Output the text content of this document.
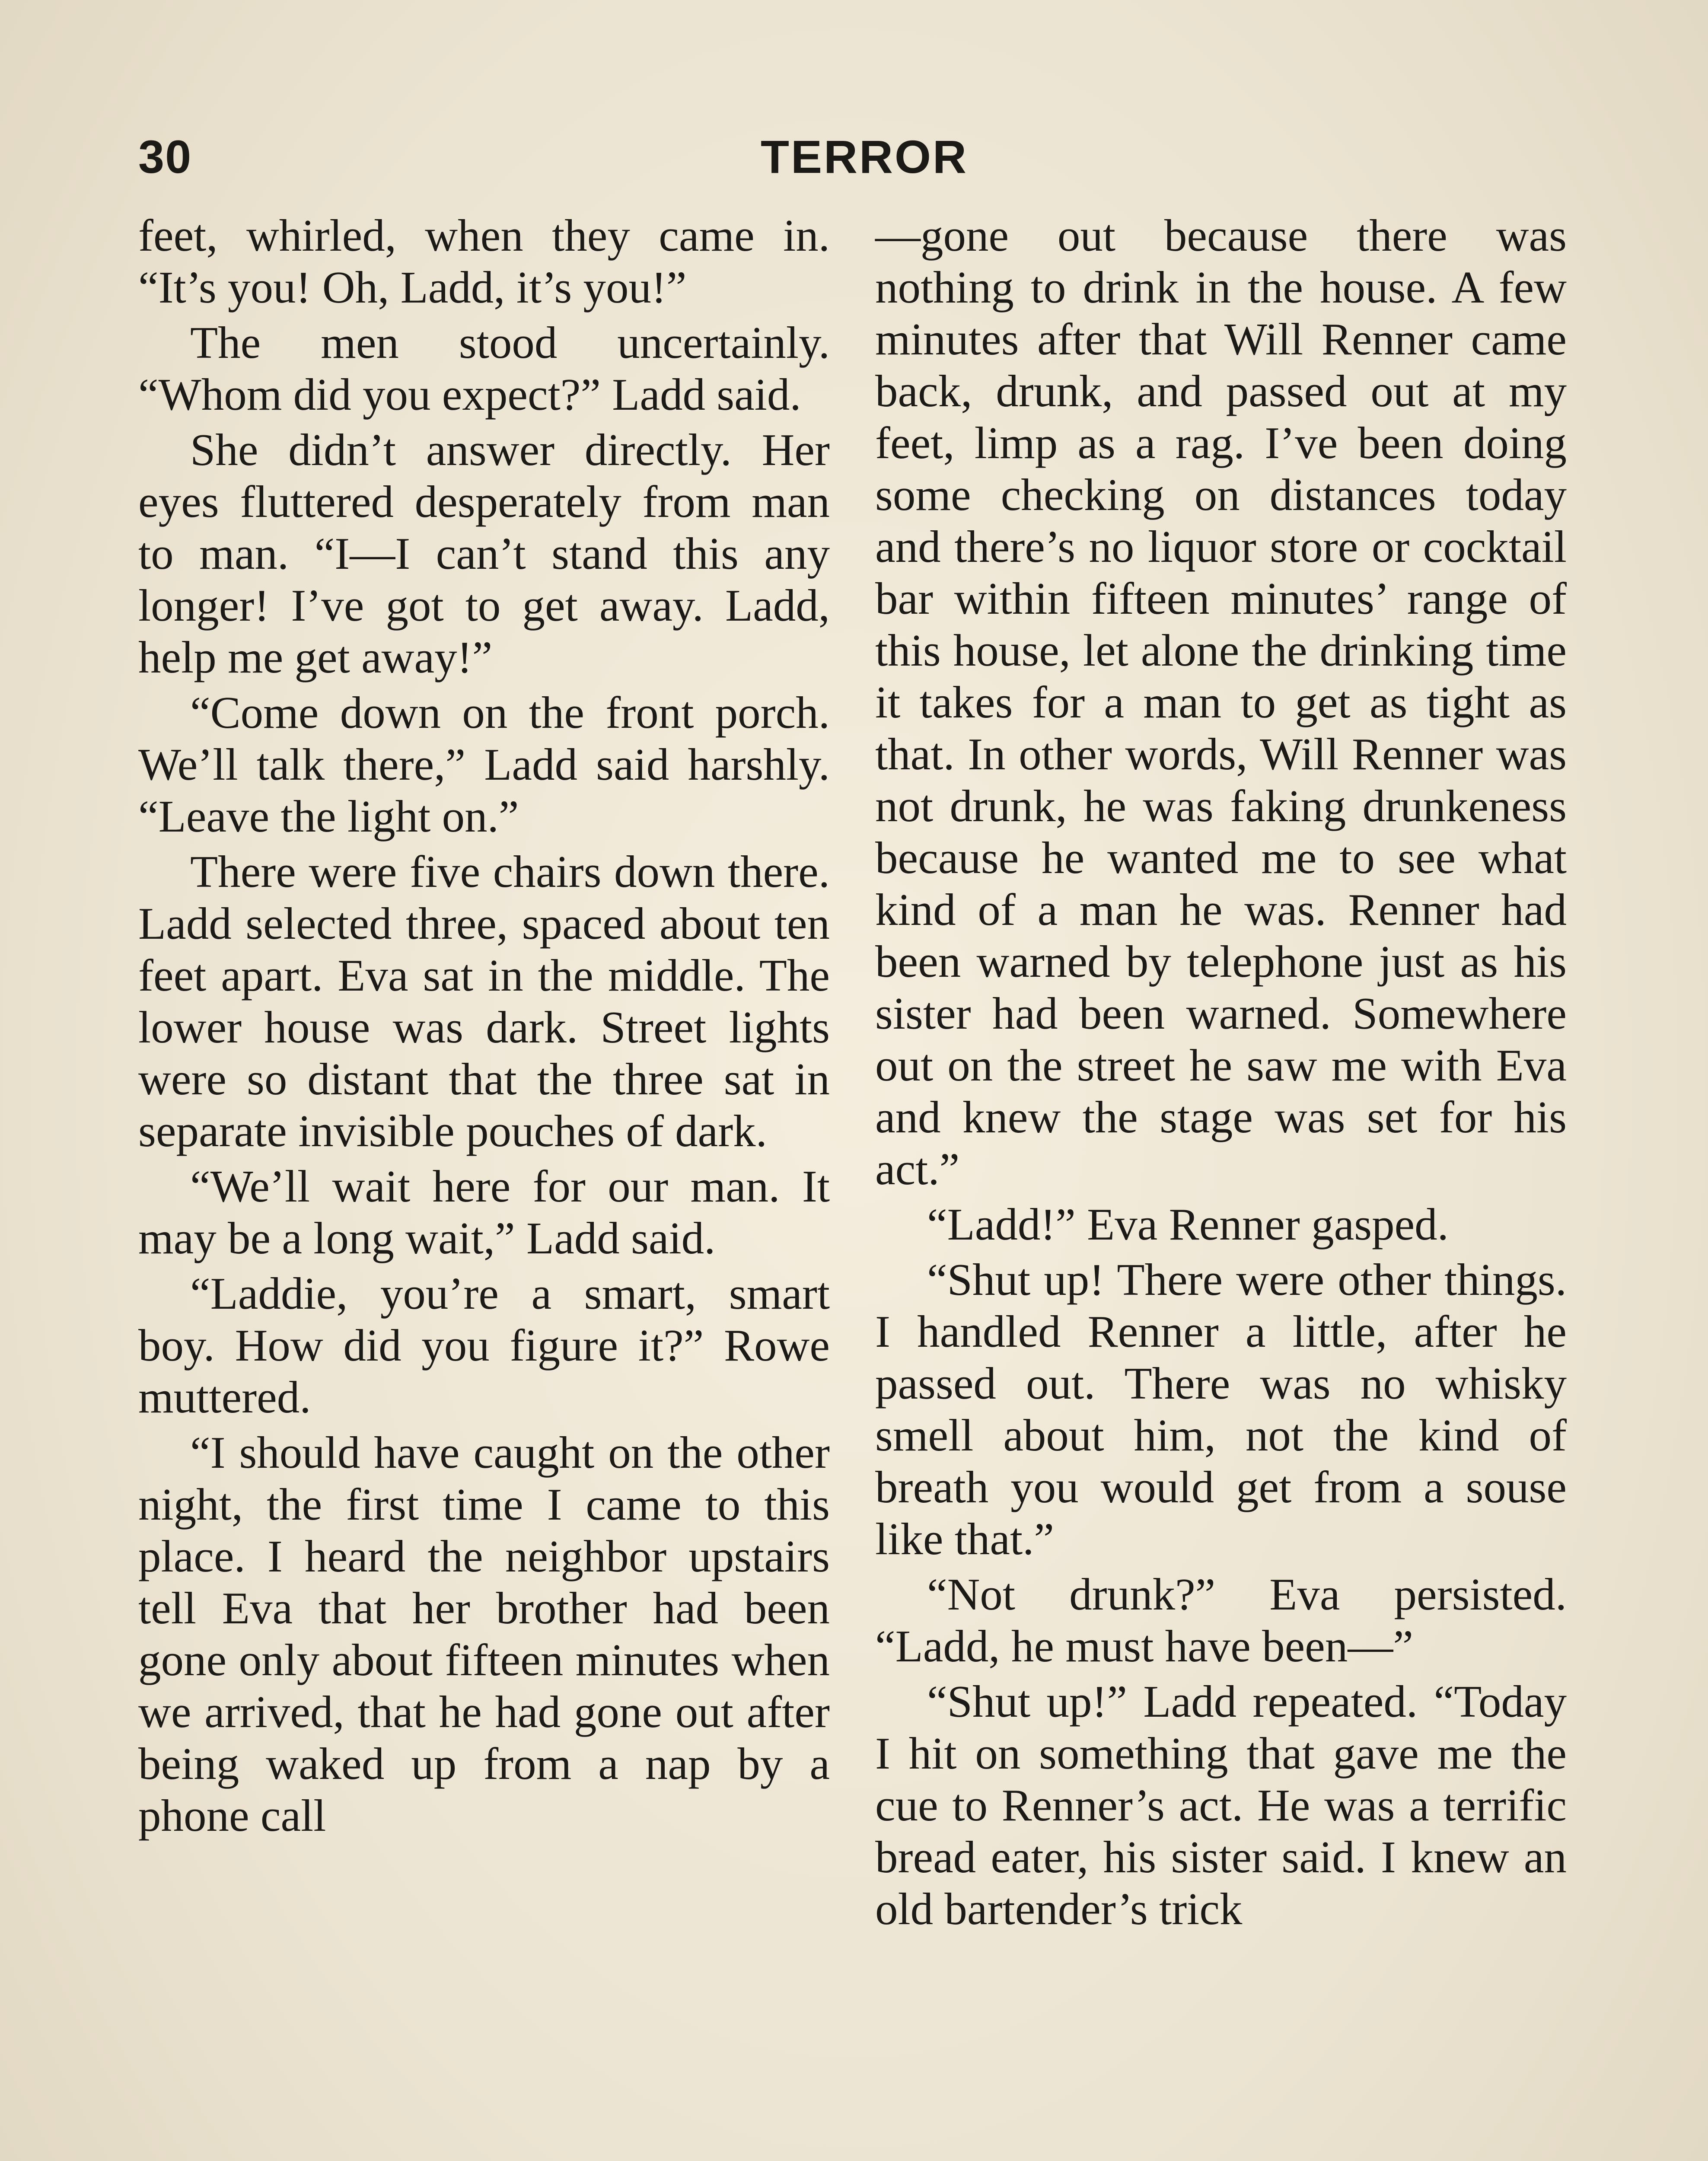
30	TERROR

feet, whirled, when they came in. “It’s you! Oh, Ladd, it’s you!”

The men stood uncertainly. “Whom did you expect?” Ladd said.

She didn’t answer directly. Her eyes fluttered desperately from man to man. “I—I can’t stand this any longer! I’ve got to get away. Ladd, help me get away!”

“Come down on the front porch. We’ll talk there,” Ladd said harshly. “Leave the light on.”

There were five chairs down there. Ladd selected three, spaced about ten feet apart. Eva sat in the middle. The lower house was dark. Street lights were so distant that the three sat in separate invisible pouches of dark.

“We’ll wait here for our man. It may be a long wait,” Ladd said.

“Laddie, you’re a smart, smart boy. How did you figure it?” Rowe muttered.

“I should have caught on the other night, the first time I came to this place. I heard the neighbor upstairs tell Eva that her brother had been gone only about fifteen minutes when we arrived, that he had gone out after being waked up from a nap by a phone call

—gone out because there was nothing to drink in the house. A few minutes after that Will Renner came back, drunk, and passed out at my feet, limp as a rag. I’ve been doing some checking on distances today and there’s no liquor store or cocktail bar within fifteen minutes’ range of this house, let alone the drinking time it takes for a man to get as tight as that. In other words, Will Renner was not drunk, he was faking drunkeness because he wanted me to see what kind of a man he was. Renner had been warned by telephone just as his sister had been warned. Somewhere out on the street he saw me with Eva and knew the stage was set for his act.”

“Ladd!” Eva Renner gasped.

“Shut up! There were other things. I handled Renner a little, after he passed out. There was no whisky smell about him, not the kind of breath you would get from a souse like that.”

“Not drunk?” Eva persisted. “Ladd, he must have been—”

“Shut up!” Ladd repeated. “Today I hit on something that gave me the cue to Renner’s act. He was a terrific bread eater, his sister said. I knew an old bartender’s trick
